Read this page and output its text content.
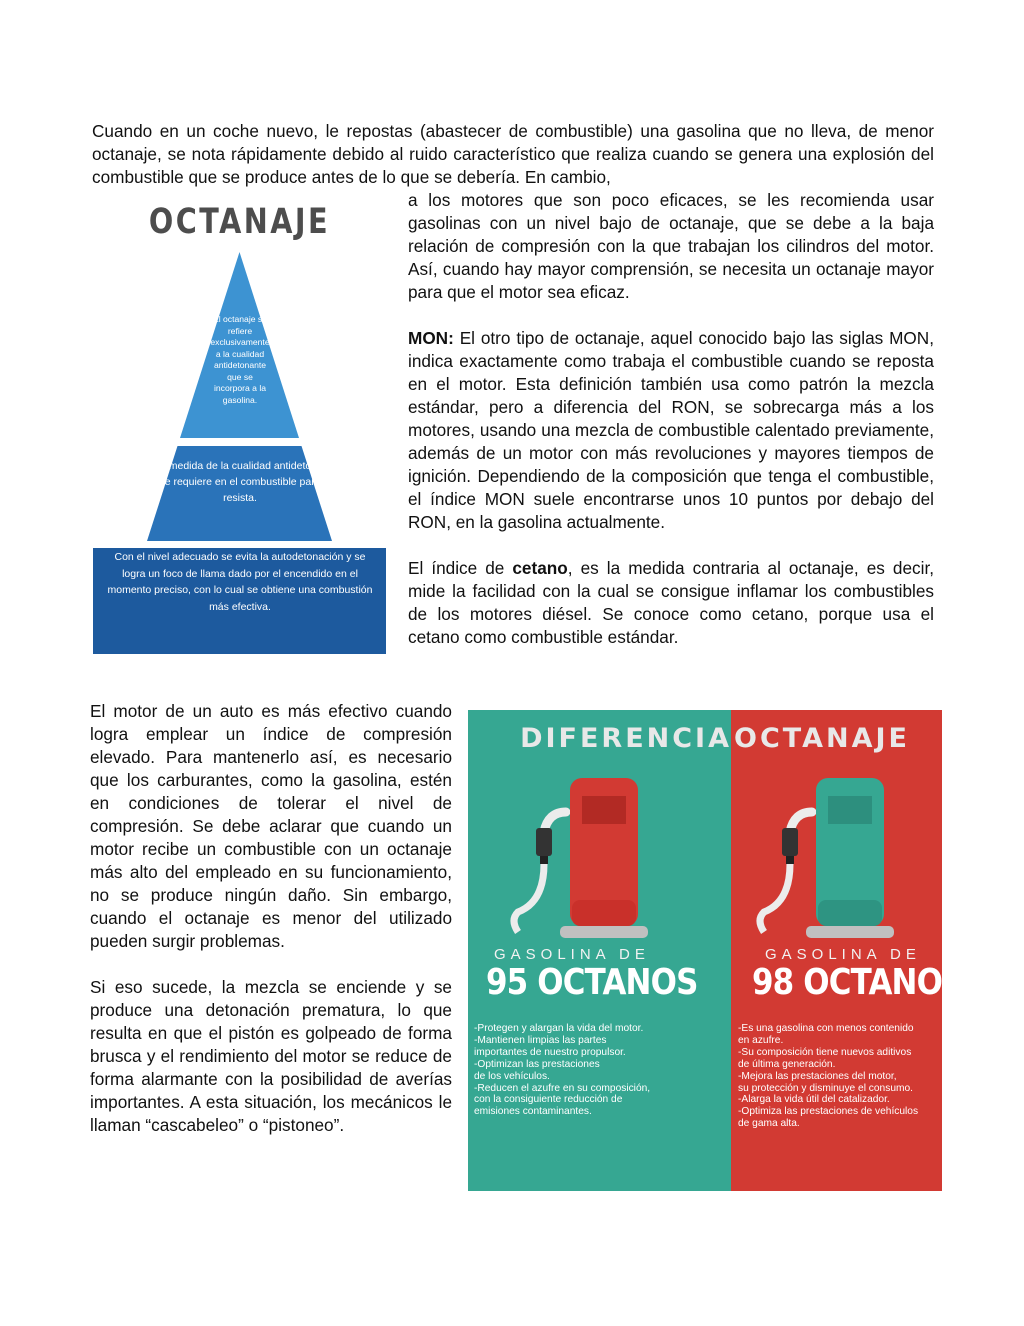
Cuando en un coche nuevo, le repostas (abastecer de combustible) una gasolina que no lleva, de menor octanaje, se nota rápidamente debido al ruido característico que realiza cuando se genera una explosión del combustible que se produce antes de lo que se debería. En cambio,

OCTANAJE
El octanaje se refiere exclusivamente a la cualidad antidetonante que se incorpora a la gasolina.
Es la medida de la cualidad antidetonante que se requiere en el combustible para que resista.
Con el nivel adecuado se evita la autodetonación y se logra un foco de llama dado por el encendido en el momento preciso, con lo cual se obtiene una combustión más efectiva.

a los motores que son poco eficaces, se les recomienda usar gasolinas con un nivel bajo de octanaje, que se debe a la baja relación de compresión con la que trabajan los cilindros del motor. Así, cuando hay mayor comprensión, se necesita un octanaje mayor para que el motor sea eficaz.

MON: El otro tipo de octanaje, aquel conocido bajo las siglas MON, indica exactamente como trabaja el combustible cuando se reposta en el motor. Esta definición también usa como patrón la mezcla estándar, pero a diferencia del RON, se sobrecarga más a los motores, usando una mezcla de combustible calentado previamente, además de un motor con más revoluciones y mayores tiempos de ignición. Dependiendo de la composición que tenga el combustible, el índice MON suele encontrarse unos 10 puntos por debajo del RON, en la gasolina actualmente.

El índice de cetano, es la medida contraria al octanaje, es decir, mide la facilidad con la cual se consigue inflamar los combustibles de los motores diésel. Se conoce como cetano, porque usa el cetano como combustible estándar.

El motor de un auto es más efectivo cuando logra emplear un índice de compresión elevado. Para mantenerlo así, es necesario que los carburantes, como la gasolina, estén en condiciones de tolerar el nivel de compresión. Se debe aclarar que cuando un motor recibe un combustible con un octanaje más alto del empleado en su funcionamiento, no se produce ningún daño. Sin embargo, cuando el octanaje es menor del utilizado pueden surgir problemas.

Si eso sucede, la mezcla se enciende y se produce una detonación prematura, lo que resulta en que el pistón es golpeado de forma brusca y el rendimiento del motor se reduce de forma alarmante con la posibilidad de averías importantes. A esta situación, los mecánicos le llaman “cascabeleo” o “pistoneo”.

DIFERENCIA OCTANAJE
GASOLINA DE
95 OCTANOS
GASOLINA DE
98 OCTANOS
-Protegen y alargan la vida del motor.
-Mantienen limpias las partes
importantes de nuestro propulsor.
-Optimizan las prestaciones
de los vehículos.
-Reducen el azufre en su composición,
con la consiguiente reducción de
emisiones contaminantes.
-Es una gasolina con menos contenido
en azufre.
-Su composición tiene nuevos aditivos
de última generación.
-Mejora las prestaciones del motor,
su protección y disminuye el consumo.
-Alarga la vida útil del catalizador.
-Optimiza las prestaciones de vehículos
de gama alta.
